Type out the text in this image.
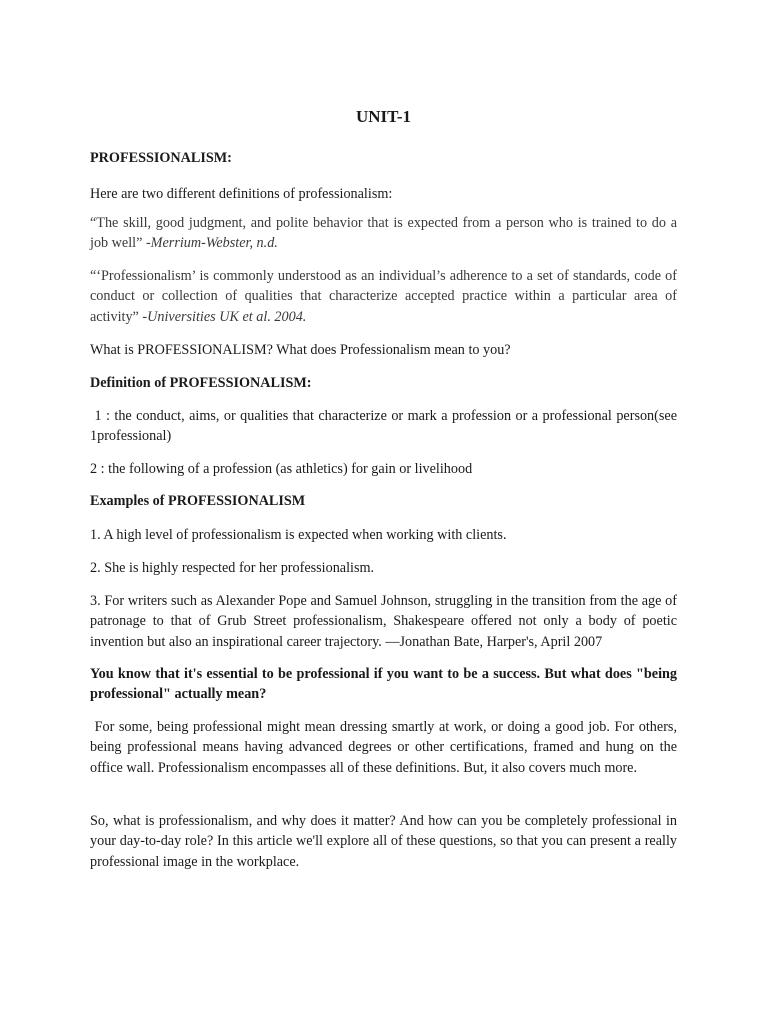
UNIT-1

PROFESSIONALISM:

Here are two different definitions of professionalism:

“The skill, good judgment, and polite behavior that is expected from a person who is trained to do a job well” -Merrium-Webster, n.d.

“‘Professionalism’ is commonly understood as an individual’s adherence to a set of standards, code of conduct or collection of qualities that characterize accepted practice within a particular area of activity” -Universities UK et al. 2004.

What is PROFESSIONALISM? What does Professionalism mean to you?

Definition of PROFESSIONALISM:

1 : the conduct, aims, or qualities that characterize or mark a profession or a professional person(see 1professional)

2 : the following of a profession (as athletics) for gain or livelihood

Examples of PROFESSIONALISM

1. A high level of professionalism is expected when working with clients.

2. She is highly respected for her professionalism.

3. For writers such as Alexander Pope and Samuel Johnson, struggling in the transition from the age of patronage to that of Grub Street professionalism, Shakespeare offered not only a body of poetic invention but also an inspirational career trajectory. —Jonathan Bate, Harper's, April 2007

You know that it's essential to be professional if you want to be a success. But what does "being professional" actually mean?

For some, being professional might mean dressing smartly at work, or doing a good job. For others, being professional means having advanced degrees or other certifications, framed and hung on the office wall. Professionalism encompasses all of these definitions. But, it also covers much more.

So, what is professionalism, and why does it matter? And how can you be completely professional in your day-to-day role? In this article we'll explore all of these questions, so that you can present a really professional image in the workplace.
